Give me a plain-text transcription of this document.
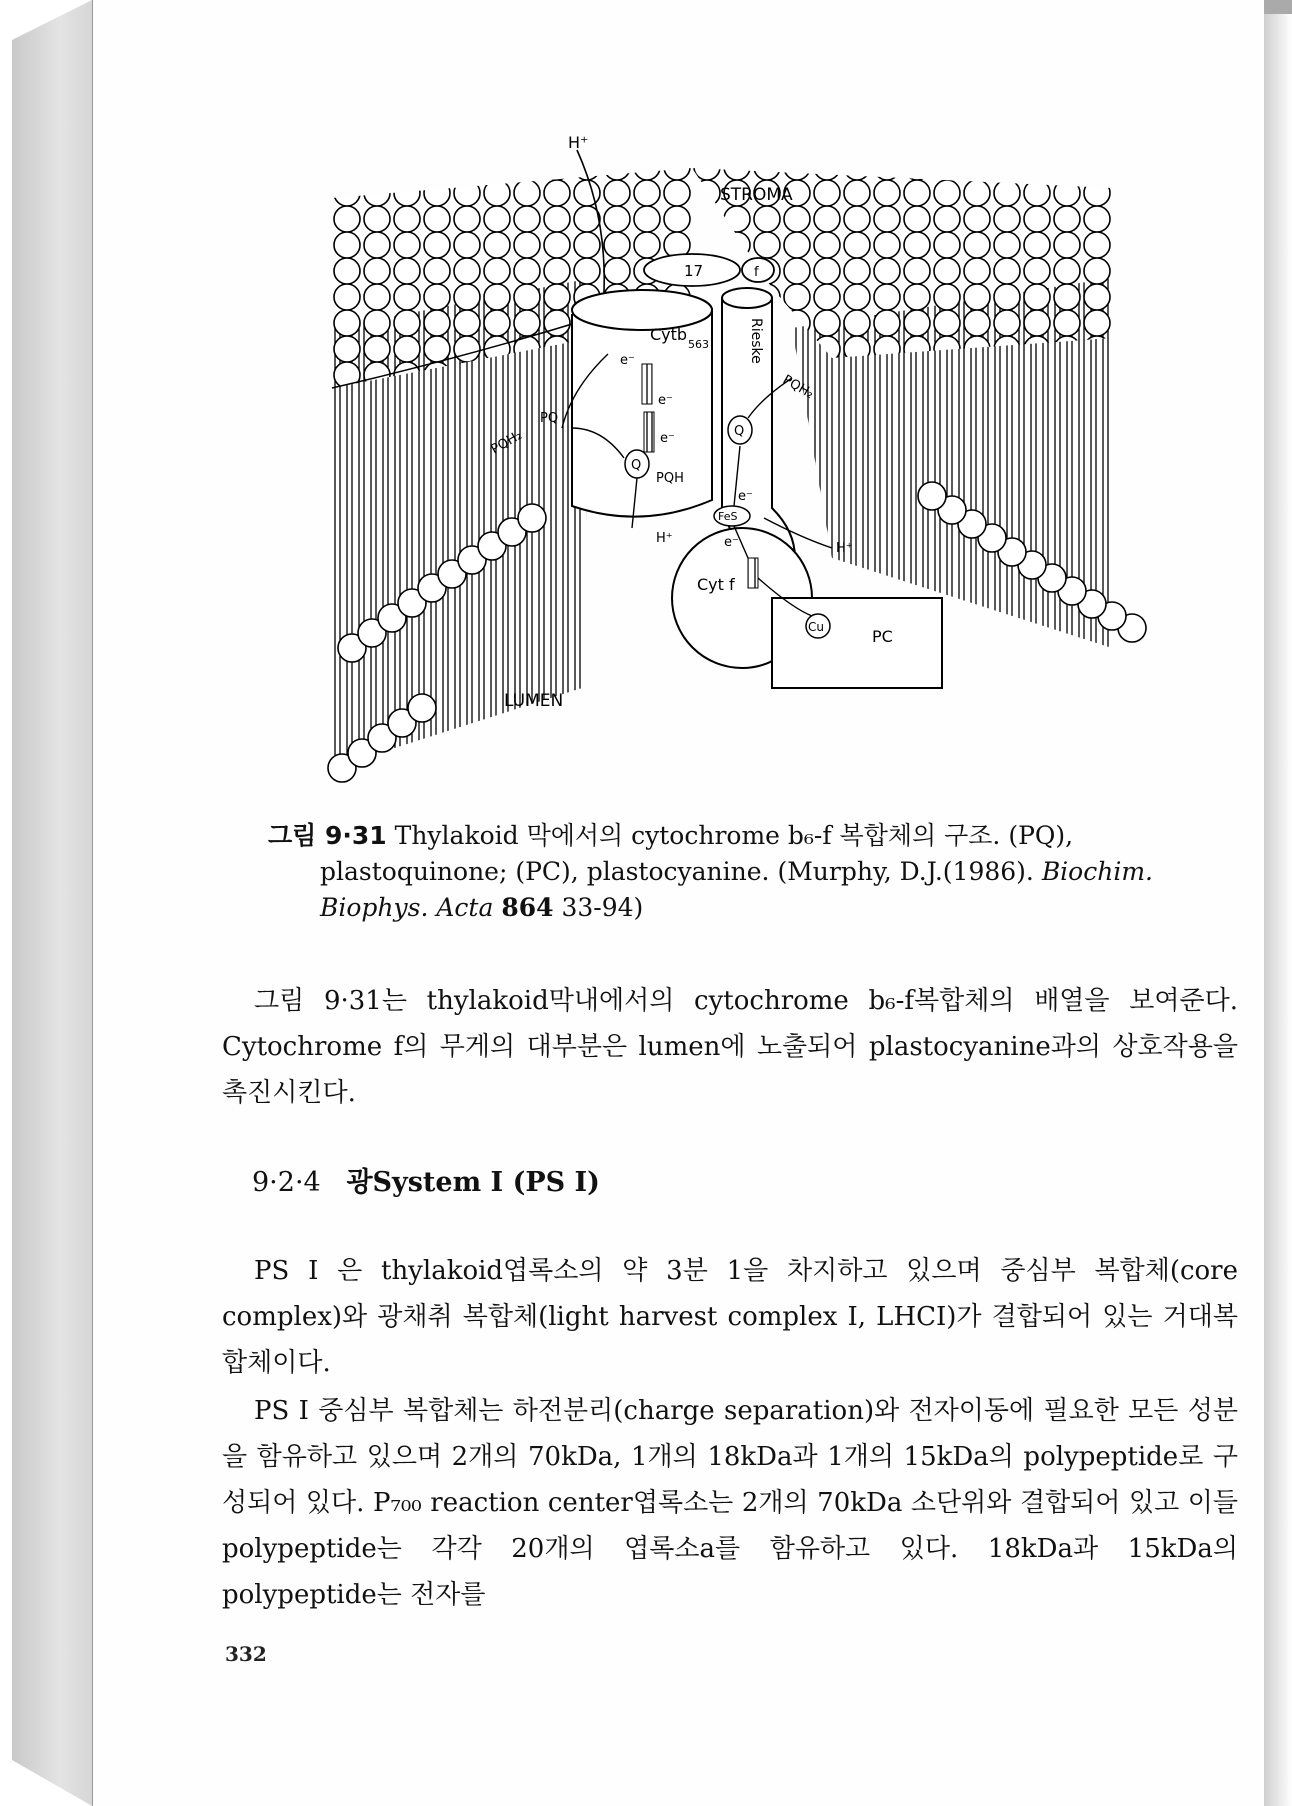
H⁺
STROMA
LUMEN
17	f
Cytb
563	Rieske
Cyt f
PC
Cu
e⁻
e⁻
e⁻
e⁻
e⁻
PQ
PQH₂
PQH₂
PQH
H⁺
H⁺
Q
Q
FeS
그림 9·31 Thylakoid 막에서의 cytochrome b₆-f 복합체의 구조. (PQ),
plastoquinone; (PC), plastocyanine. (Murphy, D.J.(1986). Biochim.
Biophys. Acta 864 33-94)
그림 9·31는 thylakoid막내에서의 cytochrome b₆-f복합체의 배열을 보여준다. Cytochrome f의 무게의 대부분은 lumen에 노출되어 plastocyanine과의 상호작용을 촉진시킨다.
9·2·4 광System I (PS I)
PS I 은 thylakoid엽록소의 약 3분 1을 차지하고 있으며 중심부 복합체(core complex)와 광채취 복합체(light harvest complex I, LHCI)가 결합되어 있는 거대복합체이다.
PS I 중심부 복합체는 하전분리(charge separation)와 전자이동에 필요한 모든 성분을 함유하고 있으며 2개의 70kDa, 1개의 18kDa과 1개의 15kDa의 polypeptide로 구성되어 있다. P₇₀₀ reaction center엽록소는 2개의 70kDa 소단위와 결합되어 있고 이들 polypeptide는 각각 20개의 엽록소a를 함유하고 있다. 18kDa과 15kDa의 polypeptide는 전자를
332
